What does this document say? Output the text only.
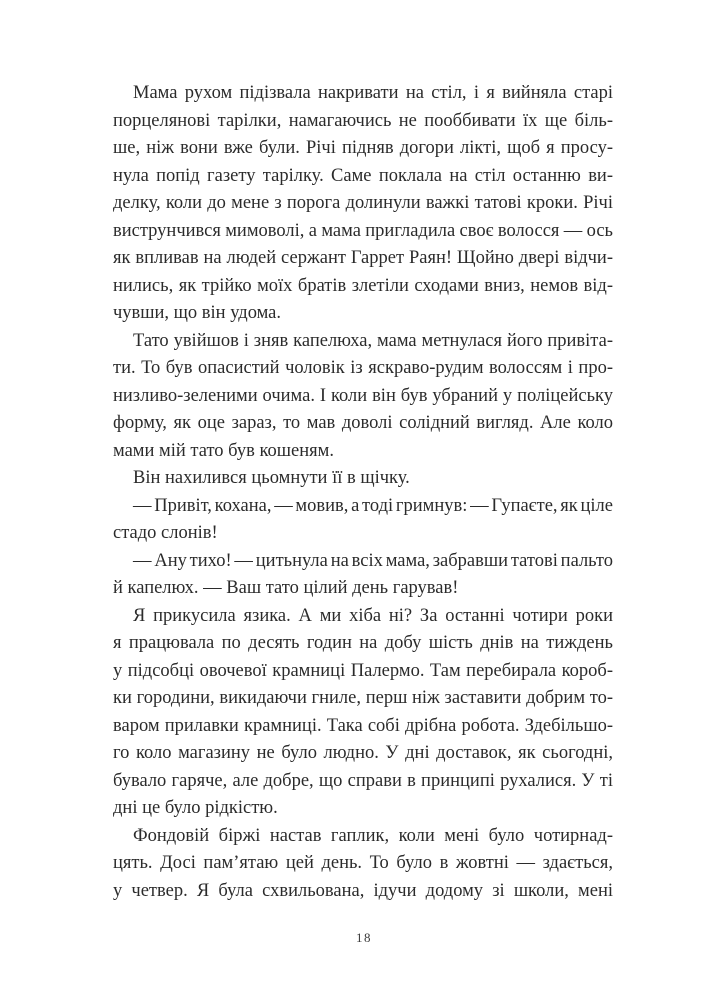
Мама рухом підізвала накривати на стіл, і я вийняла старі
порцелянові тарілки, намагаючись не пооббивати їх ще біль-
ше, ніж вони вже були. Річі підняв догори лікті, щоб я просу-
нула попід газету тарілку. Саме поклала на стіл останню ви-
делку, коли до мене з порога долинули важкі татові кроки. Річі
виструнчився мимоволі, а мама пригладила своє волосся — ось
як впливав на людей сержант Гаррет Раян! Щойно двері відчи-
нились, як трійко моїх братів злетіли сходами вниз, немов від-
чувши, що він удома.
Тато увійшов і зняв капелюха, мама метнулася його привіта-
ти. То був опасистий чоловік із яскраво-рудим волоссям і про-
низливо-зеленими очима. І коли він був убраний у поліцейську
форму, як оце зараз, то мав доволі солідний вигляд. Але коло
мами мій тато був кошеням.
Він нахилився цьомнути її в щічку.
— Привіт, кохана, — мовив, а тоді гримнув: — Гупаєте, як ціле
стадо слонів!
— Ану тихо! — цитьнула на всіх мама, забравши татові пальто
й капелюх. — Ваш тато цілий день гарував!
Я прикусила язика. А ми хіба ні? За останні чотири роки
я працювала по десять годин на добу шість днів на тиждень
у підсобці овочевої крамниці Палермо. Там перебирала короб-
ки городини, викидаючи гниле, перш ніж заставити добрим то-
варом прилавки крамниці. Така собі дрібна робота. Здебільшо-
го коло магазину не було людно. У дні доставок, як сьогодні,
бувало гаряче, але добре, що справи в принципі рухалися. У ті
дні це було рідкістю.
Фондовій біржі настав гаплик, коли мені було чотирнад-
цять. Досі пам’ятаю цей день. То було в жовтні — здається,
у четвер. Я була схвильована, ідучи додому зі школи, мені
18
